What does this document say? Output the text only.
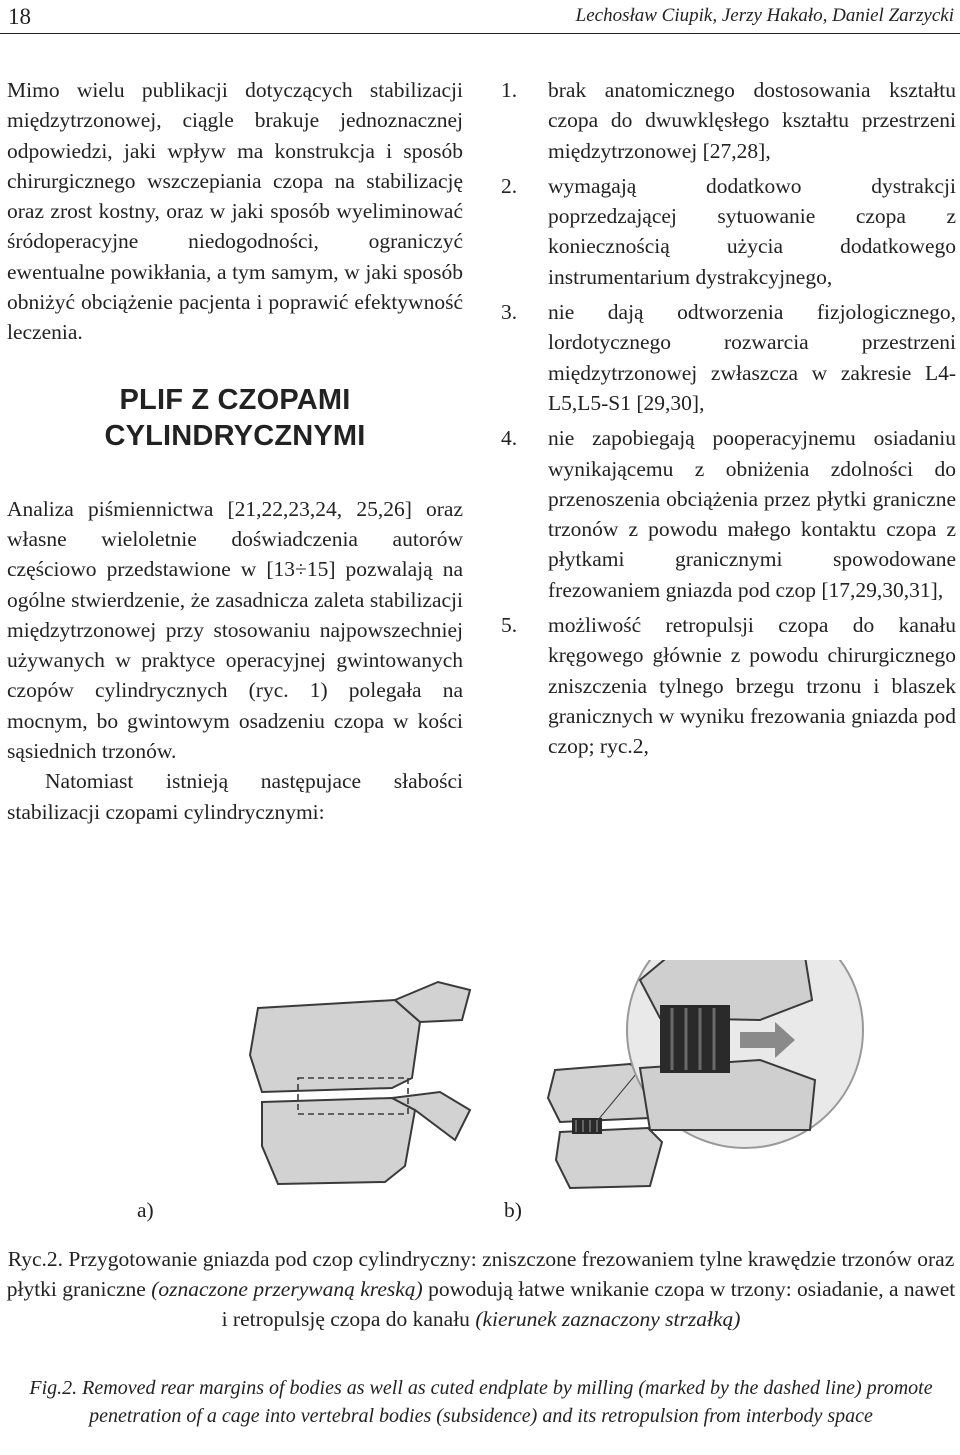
18	Lechosław Ciupik, Jerzy Hakało, Daniel Zarzycki

Mimo wielu publikacji dotyczących stabilizacji międzytrzonowej, ciągle brakuje jednoznacznej odpowiedzi, jaki wpływ ma konstrukcja i sposób chirurgicznego wszczepiania czopa na stabilizację oraz zrost kostny, oraz w jaki sposób wyeliminować śródoperacyjne niedogodności, ograniczyć ewentualne powikłania, a tym samym, w jaki sposób obniżyć obciążenie pacjenta i poprawić efektywność leczenia.

PLIF Z CZOPAMI
CYLINDRYCZNYMI

Analiza piśmiennictwa [21,22,23,24, 25,26] oraz własne wieloletnie doświadczenia autorów częściowo przedstawione w [13÷15] pozwalają na ogólne stwierdzenie, że zasadnicza zaleta stabilizacji międzytrzonowej przy stosowaniu najpowszechniej używanych w praktyce operacyjnej gwintowanych czopów cylindrycznych (ryc. 1) polegała na mocnym, bo gwintowym osadzeniu czopa w kości sąsiednich trzonów.

Natomiast istnieją następujace słabości stabilizacji czopami cylindrycznymi:

1. brak anatomicznego dostosowania kształtu czopa do dwuwklęsłego kształtu przestrzeni międzytrzonowej [27,28],
2. wymagają dodatkowo dystrakcji poprzedzającej sytuowanie czopa z koniecznością użycia dodatkowego instrumentarium dystrakcyjnego,
3. nie dają odtworzenia fizjologicznego, lordotycznego rozwarcia przestrzeni międzytrzonowej zwłaszcza w zakresie L4-L5,L5-S1 [29,30],
4. nie zapobiegają pooperacyjnemu osiadaniu wynikającemu z obniżenia zdolności do przenoszenia obciążenia przez płytki graniczne trzonów z powodu małego kontaktu czopa z płytkami granicznymi spowodowane frezowaniem gniazda pod czop [17,29,30,31],
5. możliwość retropulsji czopa do kanału kręgowego głównie z powodu chirurgicznego zniszczenia tylnego brzegu trzonu i blaszek granicznych w wyniku frezowania gniazda pod czop; ryc.2,
a)	b)

Ryc.2. Przygotowanie gniazda pod czop cylindryczny: zniszczone frezowaniem tylne krawędzie trzonów oraz płytki graniczne (oznaczone przerywaną kreską) powodują łatwe wnikanie czopa w trzony: osiadanie, a nawet i retropulsję czopa do kanału (kierunek zaznaczony strzałką)

Fig.2. Removed rear margins of bodies as well as cuted endplate by milling (marked by the dashed line) promote penetration of a cage into vertebral bodies (subsidence) and its retropulsion from interbody space
